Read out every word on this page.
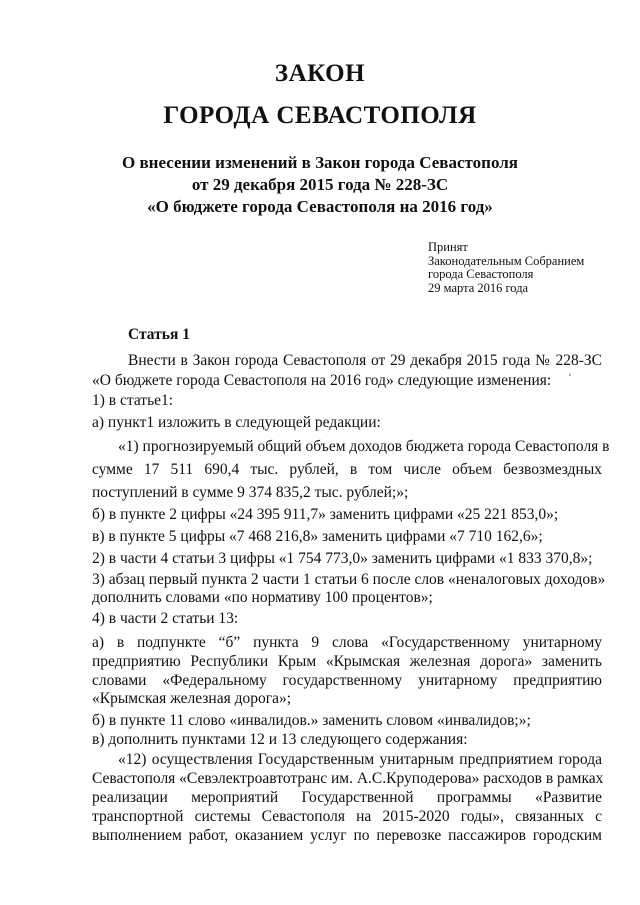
ЗАКОН
ГОРОДА СЕВАСТОПОЛЯ
О внесении изменений в Закон города Севастополя
от 29 декабря 2015 года № 228-ЗС
«О бюджете города Севастополя на 2016 год»
Принят
Законодательным Собранием
города Севастополя
29 марта 2016 года
Статья 1
‘
Внести в Закон города Севастополя от 29 декабря 2015 года № 228-ЗС
«О бюджете города Севастополя на 2016 год» следующие изменения:
1) в статье1:
а) пункт1 изложить в следующей редакции:
«1) прогнозируемый общий объем доходов бюджета города Севастополя в
сумме 17 511 690,4 тыс. рублей, в том числе объем безвозмездных
поступлений в сумме 9 374 835,2 тыс. рублей;»;
б) в пункте 2 цифры «24 395 911,7» заменить цифрами «25 221 853,0»;
в) в пункте 5 цифры «7 468 216,8» заменить цифрами «7 710 162,6»;
2) в части 4 статьи 3 цифры «1 754 773,0» заменить цифрами «1 833 370,8»;
3) абзац первый пункта 2 части 1 статьи 6 после слов «неналоговых доходов»
дополнить словами «по нормативу 100 процентов»;
4) в части 2 статьи 13:
а) в подпункте “б” пункта 9 слова «Государственному унитарному
предприятию Республики Крым «Крымская железная дорога» заменить
словами «Федеральному государственному унитарному предприятию
«Крымская железная дорога»;
б) в пункте 11 слово «инвалидов.» заменить словом «инвалидов;»;
в) дополнить пунктами 12 и 13 следующего содержания:
«12) осуществления Государственным унитарным предприятием города
Севастополя «Севэлектроавтотранс им. А.С.Круподерова» расходов в рамках
реализации мероприятий Государственной программы «Развитие
транспортной системы Севастополя на 2015-2020 годы», связанных с
выполнением работ, оказанием услуг по перевозке пассажиров городским
